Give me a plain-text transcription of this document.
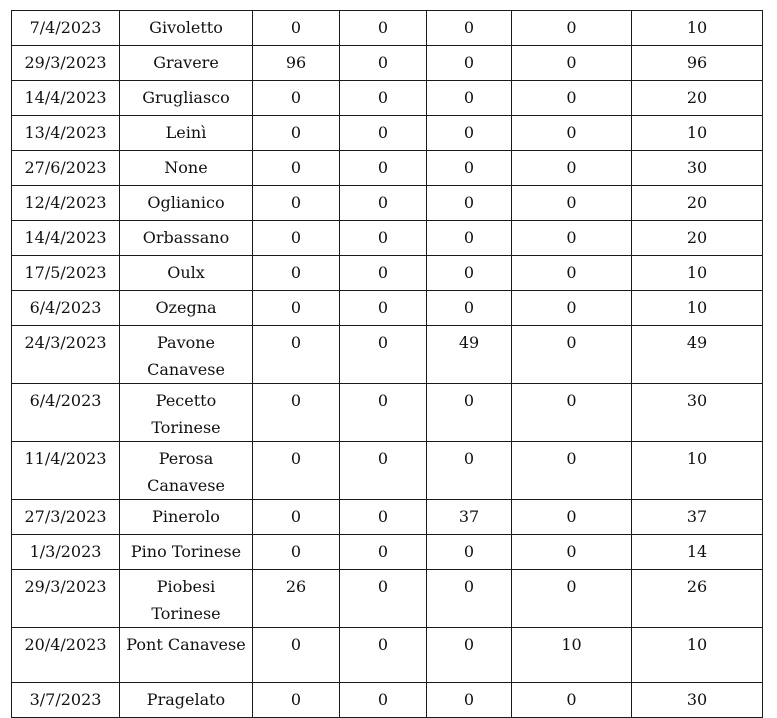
7/4/2023	Givoletto	0	0	0	0	10
29/3/2023	Gravere	96	0	0	0	96
14/4/2023	Grugliasco	0	0	0	0	20
13/4/2023	Leinì	0	0	0	0	10
27/6/2023	None	0	0	0	0	30
12/4/2023	Oglianico	0	0	0	0	20
14/4/2023	Orbassano	0	0	0	0	20
17/5/2023	Oulx	0	0	0	0	10
6/4/2023	Ozegna	0	0	0	0	10
24/3/2023	Pavone Canavese	0	0	49	0	49
6/4/2023	Pecetto Torinese	0	0	0	0	30
11/4/2023	Perosa Canavese	0	0	0	0	10
27/3/2023	Pinerolo	0	0	37	0	37
1/3/2023	Pino Torinese	0	0	0	0	14
29/3/2023	Piobesi Torinese	26	0	0	0	26
20/4/2023	Pont Canavese	0	0	0	10	10
3/7/2023	Pragelato	0	0	0	0	30
